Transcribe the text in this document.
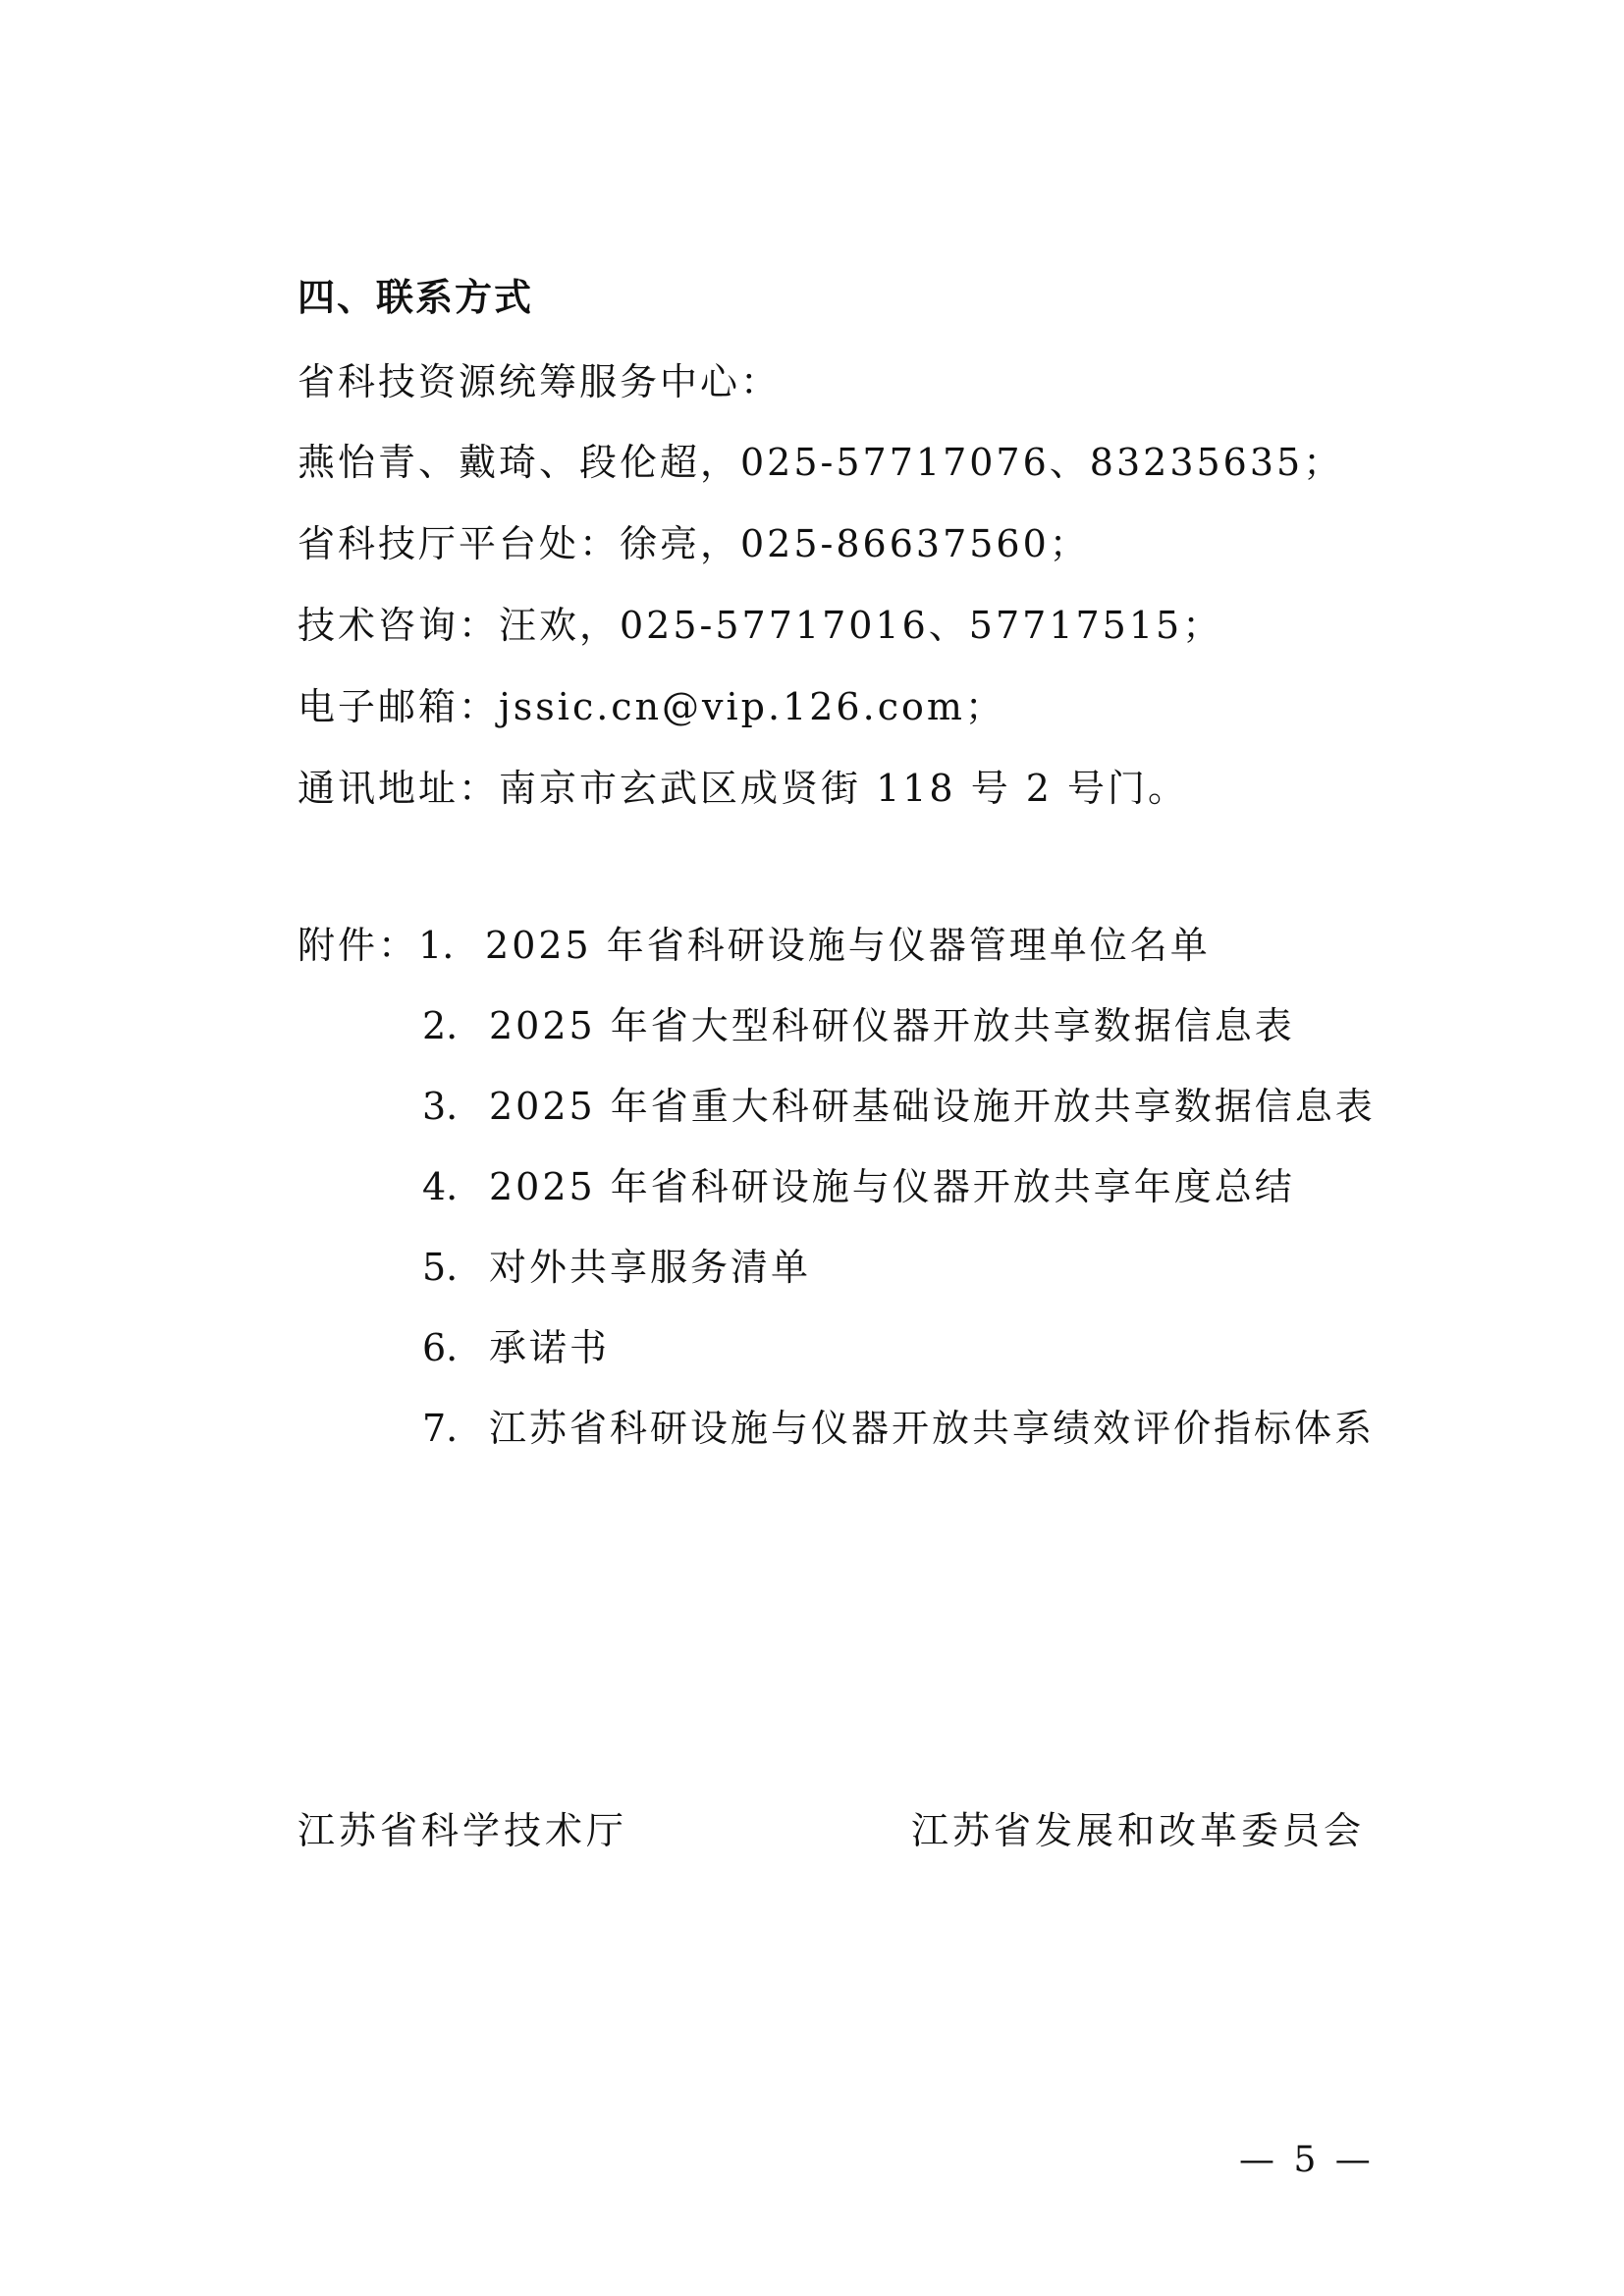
四、联系方式
省科技资源统筹服务中心：
燕怡青、戴琦、段伦超，025-57717076、83235635；
省科技厅平台处：徐亮，025-86637560；
技术咨询：汪欢，025-57717016、57717515；
电子邮箱：jssic.cn@vip.126.com；
通讯地址：南京市玄武区成贤街 118 号 2 号门。
附件：1. 2025 年省科研设施与仪器管理单位名单
2. 2025 年省大型科研仪器开放共享数据信息表
3. 2025 年省重大科研基础设施开放共享数据信息表
4. 2025 年省科研设施与仪器开放共享年度总结
5. 对外共享服务清单
6. 承诺书
7. 江苏省科研设施与仪器开放共享绩效评价指标体系
江苏省科学技术厅	江苏省发展和改革委员会
— 5 —
